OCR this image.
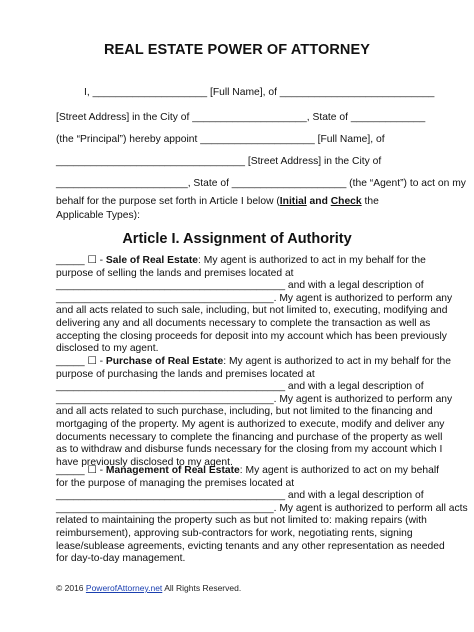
REAL ESTATE POWER OF ATTORNEY
I, ____________________ [Full Name], of ___________________________
[Street Address] in the City of ____________________, State of _____________
(the “Principal”) hereby appoint ____________________ [Full Name], of
_________________________________ [Street Address] in the City of
_______________________, State of ____________________ (the “Agent”) to act on my
behalf for the purpose set forth in Article I below (Initial and Check the Applicable Types):
Article I. Assignment of Authority
_____ ☐ - Sale of Real Estate: My agent is authorized to act in my behalf for the
purpose of selling the lands and premises located at
________________________________________ and with a legal description of
______________________________________. My agent is authorized to perform any
and all acts related to such sale, including, but not limited to, executing, modifying and
delivering any and all documents necessary to complete the transaction as well as
accepting the closing proceeds for deposit into my account which has been previously
disclosed to my agent.
_____ ☐ - Purchase of Real Estate: My agent is authorized to act in my behalf for the
purpose of purchasing the lands and premises located at
________________________________________ and with a legal description of
______________________________________. My agent is authorized to perform any
and all acts related to such purchase, including, but not limited to the financing and
mortgaging of the property. My agent is authorized to execute, modify and deliver any
documents necessary to complete the financing and purchase of the property as well
as to withdraw and disburse funds necessary for the closing from my account which I
have previously disclosed to my agent.
_____ ☐ - Management of Real Estate: My agent is authorized to act on my behalf
for the purpose of managing the premises located at
________________________________________ and with a legal description of
______________________________________. My agent is authorized to perform all acts
related to maintaining the property such as but not limited to: making repairs (with
reimbursement), approving sub-contractors for work, negotiating rents, signing
lease/sublease agreements, evicting tenants and any other representation as needed
for day-to-day management.
© 2016 PowerofAttorney.net All Rights Reserved.
